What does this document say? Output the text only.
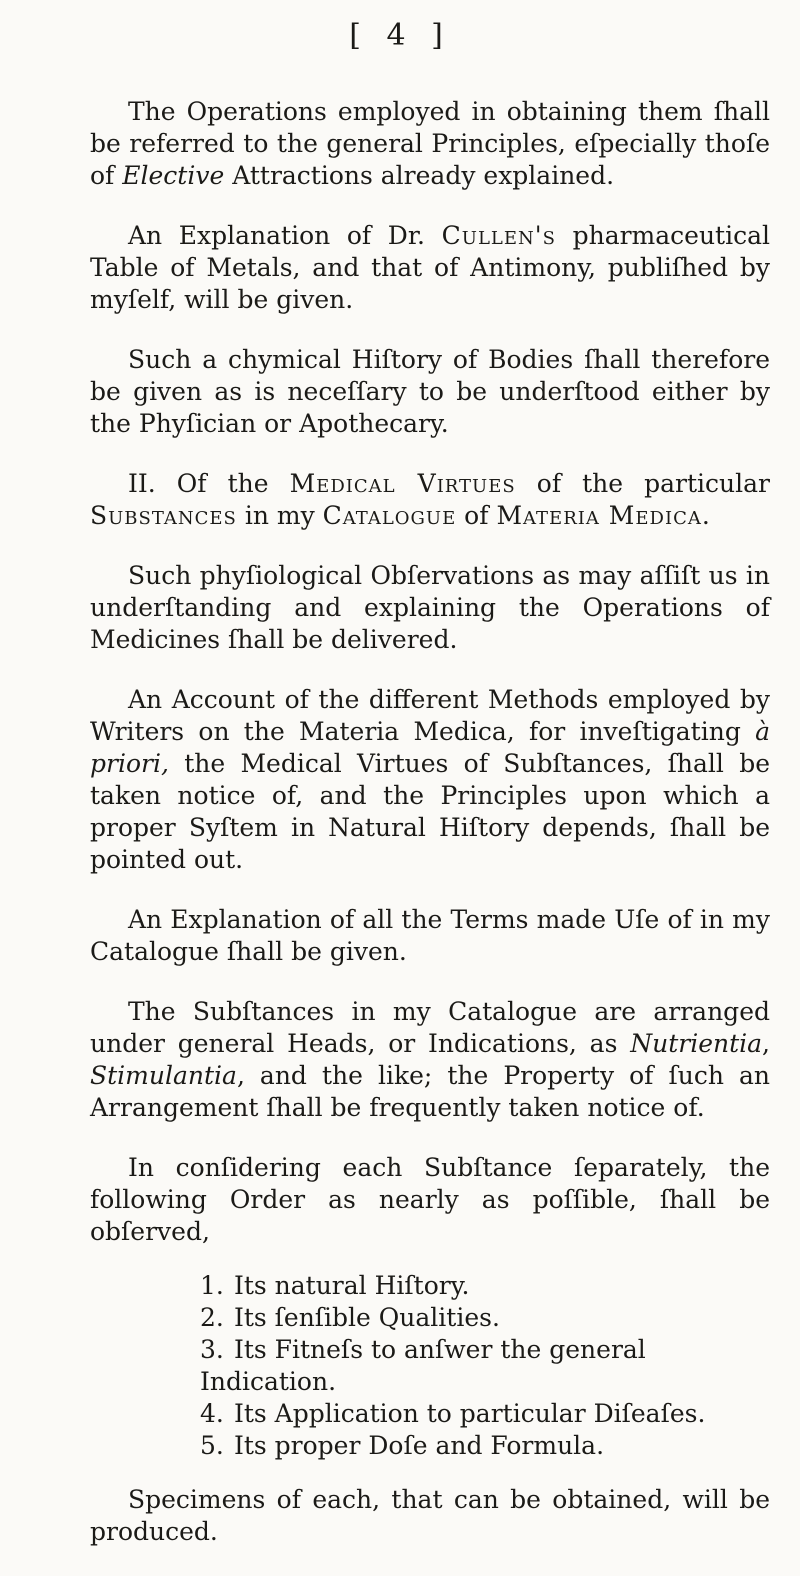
[ 4 ]

The Operations employed in obtaining them ſhall be referred to the general Principles, eſpecially thoſe of Elective Attractions already explained.

An Explanation of Dr. Cullen's pharmaceutical Table of Metals, and that of Antimony, publiſhed by myſelf, will be given.

Such a chymical Hiſtory of Bodies ſhall therefore be given as is neceſſary to be underſtood either by the Phyſician or Apothecary.

II. Of the Medical Virtues of the particular Substances in my Catalogue of Materia Medica.

Such phyſiological Obſervations as may aſſiſt us in underſtanding and explaining the Operations of Medicines ſhall be delivered.

An Account of the different Methods employed by Writers on the Materia Medica, for inveſtigating à priori, the Medical Virtues of Subſtances, ſhall be taken notice of, and the Principles upon which a proper Syſtem in Natural Hiſtory depends, ſhall be pointed out.

An Explanation of all the Terms made Uſe of in my Catalogue ſhall be given.

The Subſtances in my Catalogue are arranged under general Heads, or Indications, as Nutrientia, Stimulantia, and the like; the Property of ſuch an Arrangement ſhall be frequently taken notice of.

In conſidering each Subſtance ſeparately, the following Order as nearly as poſſible, ſhall be obſerved,

1. Its natural Hiſtory.
2. Its ſenſible Qualities.
3. Its Fitneſs to anſwer the general Indication.
4. Its Application to particular Diſeaſes.
5. Its proper Doſe and Formula.

Specimens of each, that can be obtained, will be produced.
